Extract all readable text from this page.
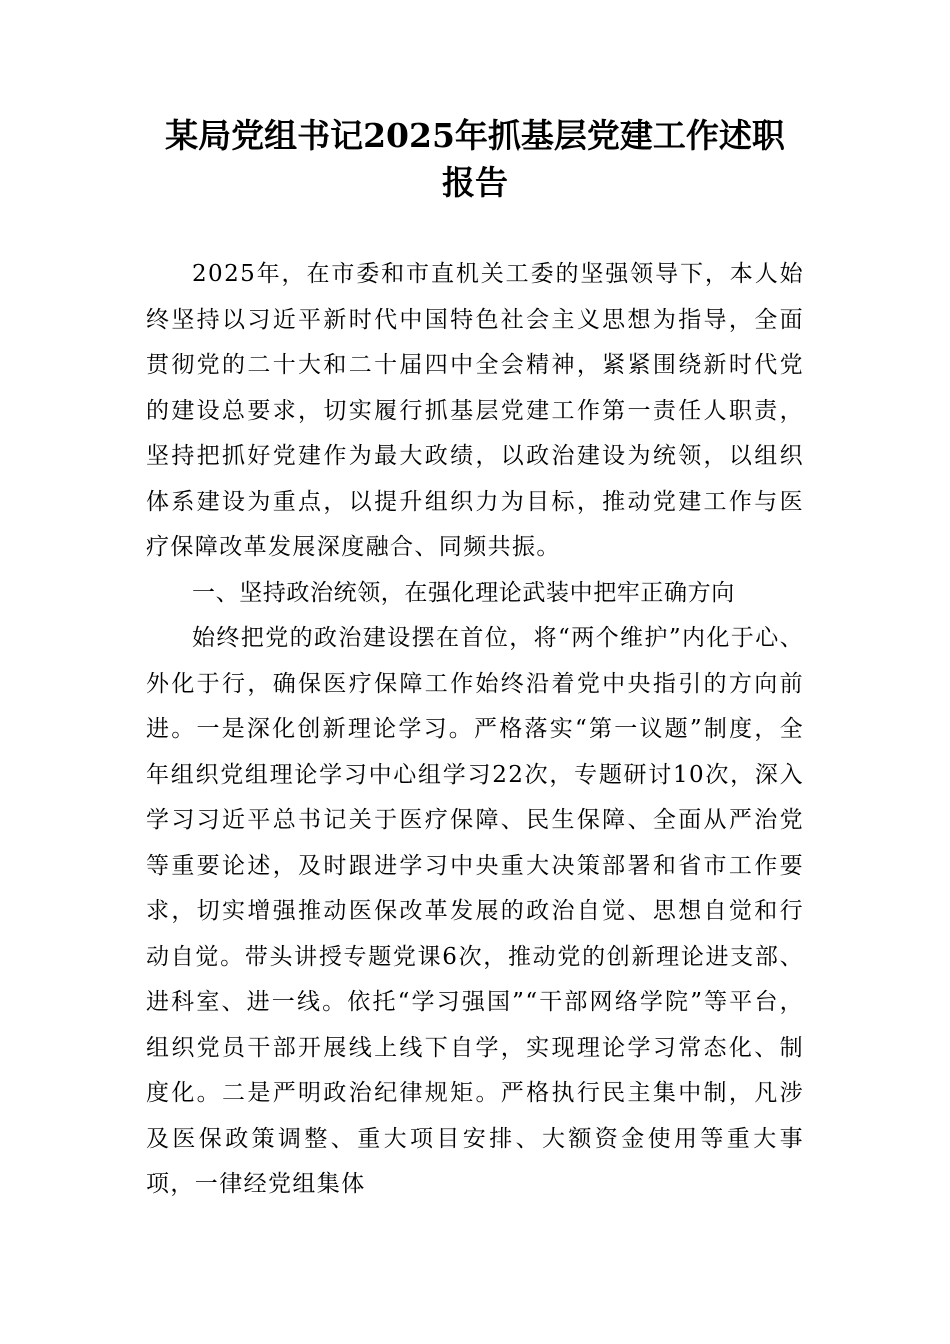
某局党组书记2025年抓基层党建工作述职
报告

2025年，在市委和市直机关工委的坚强领导下，本人始终坚持以习近平新时代中国特色社会主义思想为指导，全面贯彻党的二十大和二十届四中全会精神，紧紧围绕新时代党的建设总要求，切实履行抓基层党建工作第一责任人职责，坚持把抓好党建作为最大政绩，以政治建设为统领，以组织体系建设为重点，以提升组织力为目标，推动党建工作与医疗保障改革发展深度融合、同频共振。

一、坚持政治统领，在强化理论武装中把牢正确方向

始终把党的政治建设摆在首位，将“两个维护”内化于心、外化于行，确保医疗保障工作始终沿着党中央指引的方向前进。一是深化创新理论学习。严格落实“第一议题”制度，全年组织党组理论学习中心组学习22次，专题研讨10次，深入学习习近平总书记关于医疗保障、民生保障、全面从严治党等重要论述，及时跟进学习中央重大决策部署和省市工作要求，切实增强推动医保改革发展的政治自觉、思想自觉和行动自觉。带头讲授专题党课6次，推动党的创新理论进支部、进科室、进一线。依托“学习强国”“干部网络学院”等平台，组织党员干部开展线上线下自学，实现理论学习常态化、制度化。二是严明政治纪律规矩。严格执行民主集中制，凡涉及医保政策调整、重大项目安排、大额资金使用等重大事项，一律经党组集体
